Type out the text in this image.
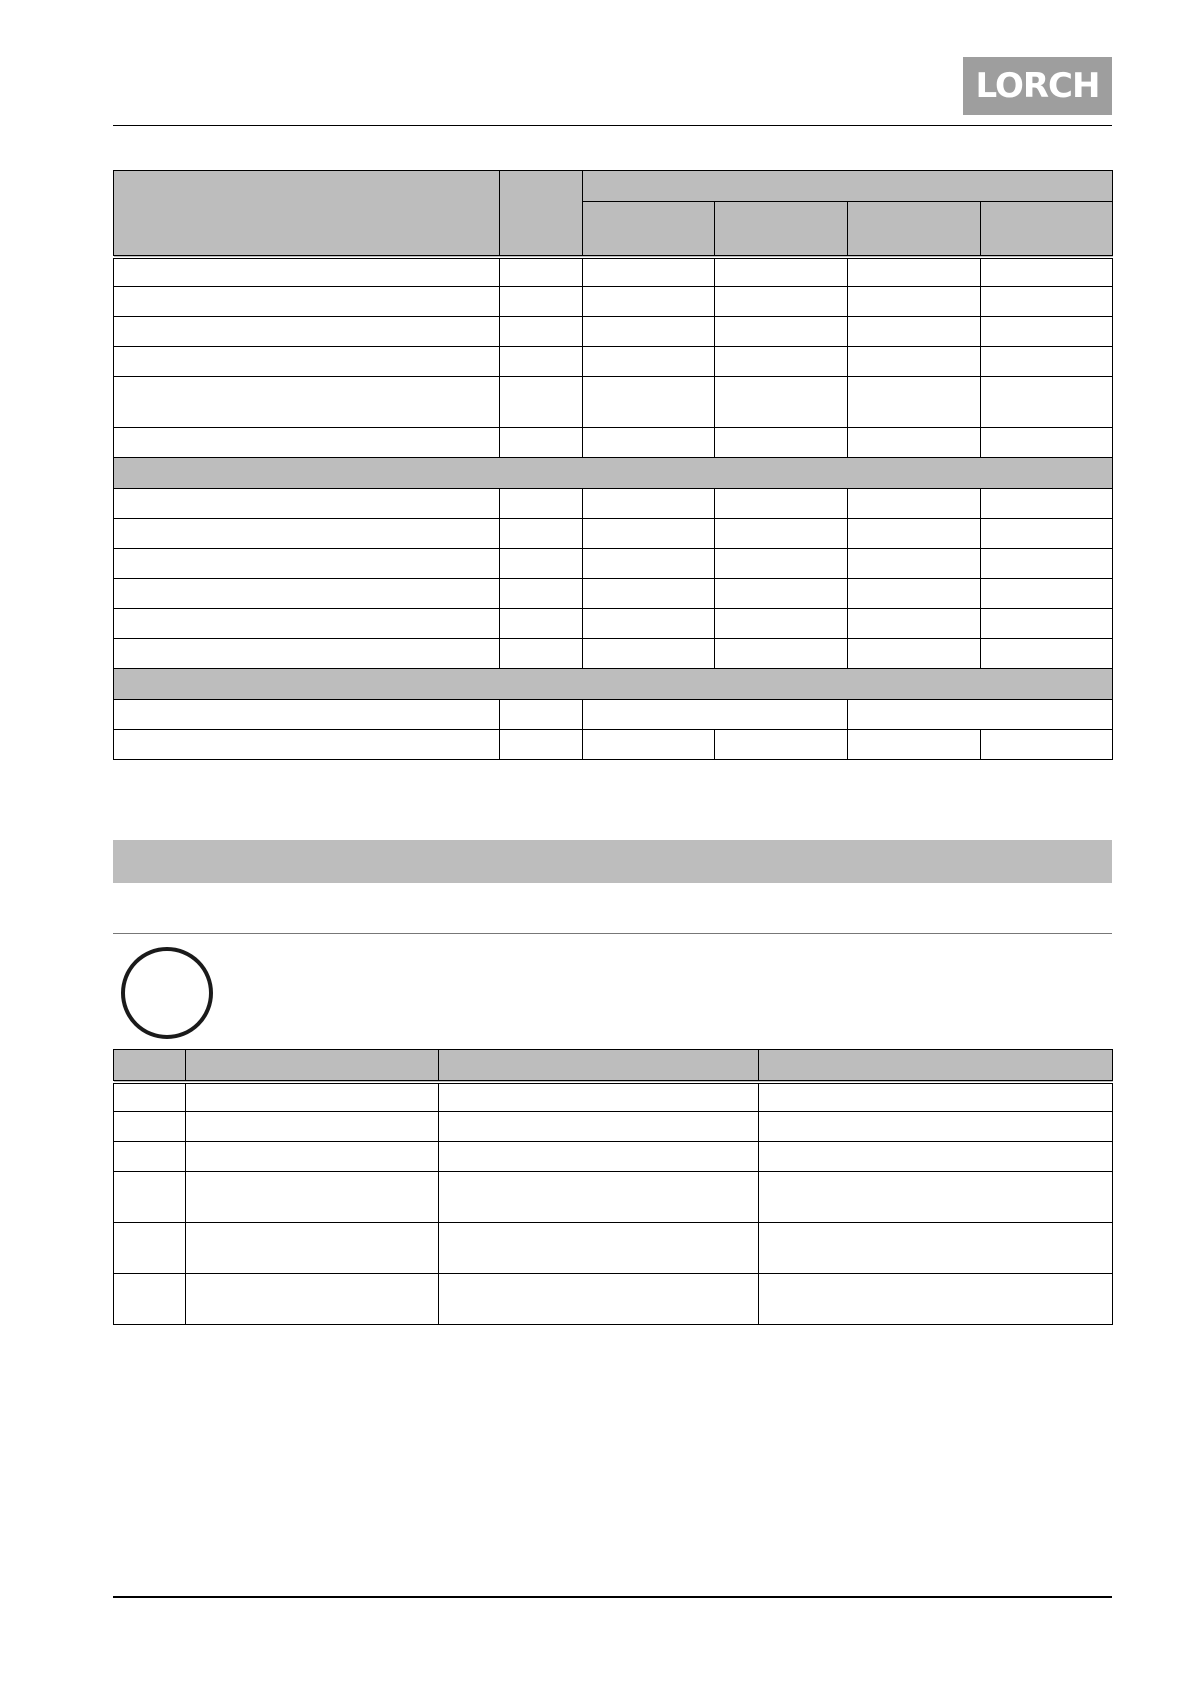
LORCH
